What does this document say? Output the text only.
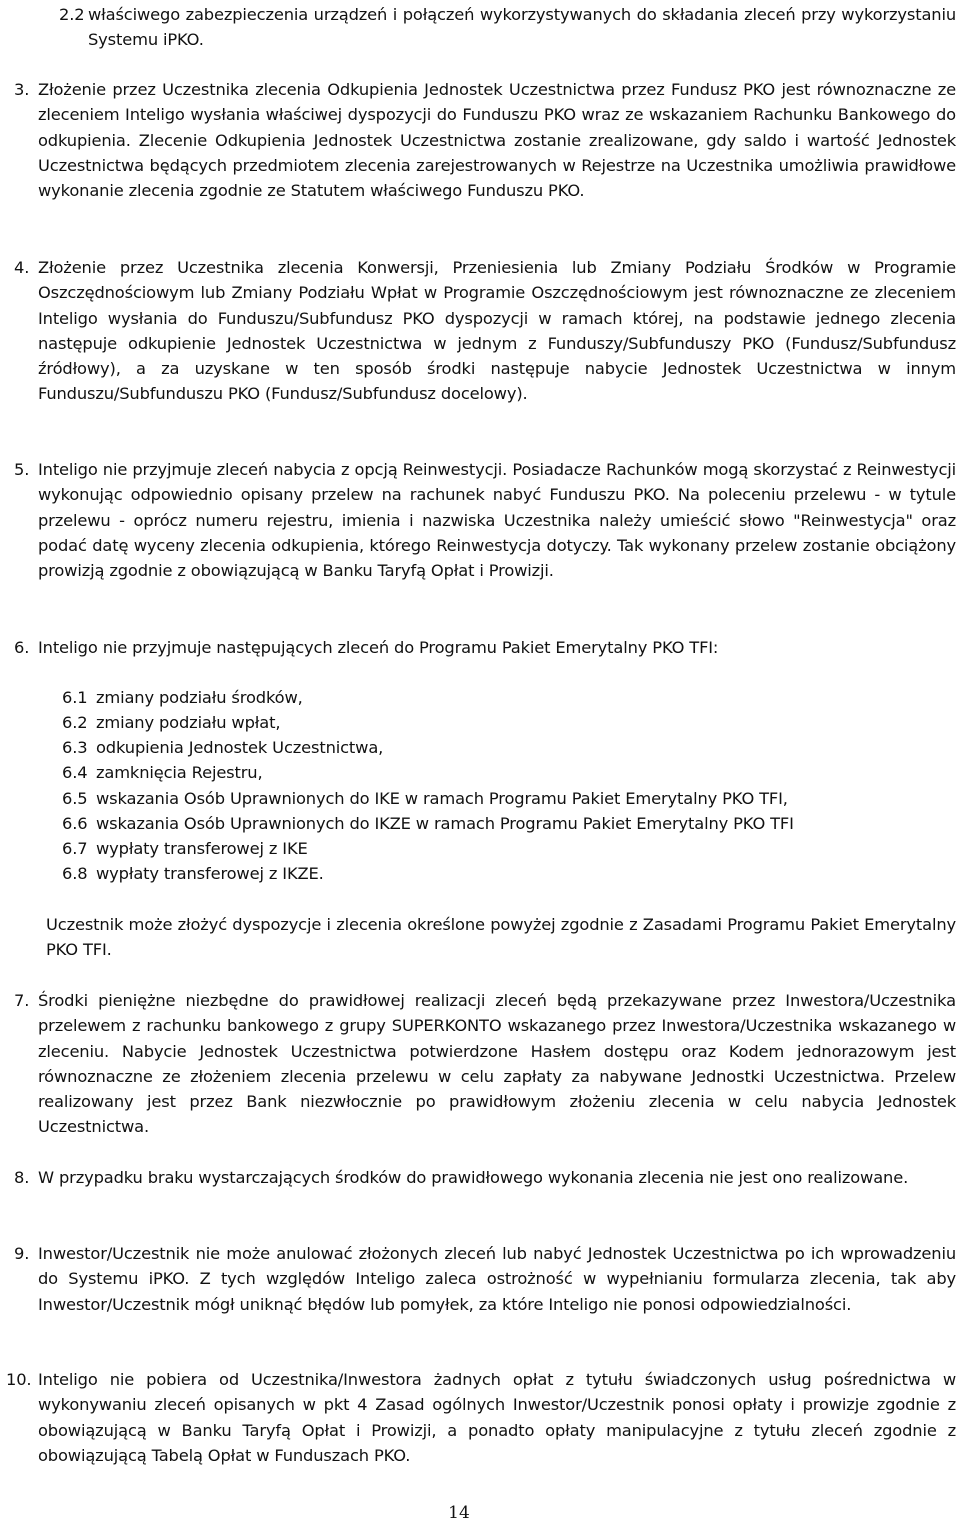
2.2 właściwego zabezpieczenia urządzeń i połączeń wykorzystywanych do składania zleceń przy wykorzystaniu Systemu iPKO.
3. Złożenie przez Uczestnika zlecenia Odkupienia Jednostek Uczestnictwa przez Fundusz PKO jest równoznaczne ze zleceniem Inteligo wysłania właściwej dyspozycji do Funduszu PKO wraz ze wskazaniem Rachunku Bankowego do odkupienia. Zlecenie Odkupienia Jednostek Uczestnictwa zostanie zrealizowane, gdy saldo i wartość Jednostek Uczestnictwa będących przedmiotem zlecenia zarejestrowanych w Rejestrze na Uczestnika umożliwia prawidłowe wykonanie zlecenia zgodnie ze Statutem właściwego Funduszu PKO.
4. Złożenie przez Uczestnika zlecenia Konwersji, Przeniesienia lub Zmiany Podziału Środków w Programie Oszczędnościowym lub Zmiany Podziału Wpłat w Programie Oszczędnościowym jest równoznaczne ze zleceniem Inteligo wysłania do Funduszu/Subfundusz PKO dyspozycji w ramach której, na podstawie jednego zlecenia następuje odkupienie Jednostek Uczestnictwa w jednym z Funduszy/Subfunduszy PKO (Fundusz/Subfundusz źródłowy), a za uzyskane w ten sposób środki następuje nabycie Jednostek Uczestnictwa w innym Funduszu/Subfunduszu PKO (Fundusz/Subfundusz docelowy).
5. Inteligo nie przyjmuje zleceń nabycia z opcją Reinwestycji. Posiadacze Rachunków mogą skorzystać z Reinwestycji wykonując odpowiednio opisany przelew na rachunek nabyć Funduszu PKO. Na poleceniu przelewu - w tytule przelewu - oprócz numeru rejestru, imienia i nazwiska Uczestnika należy umieścić słowo "Reinwestycja" oraz podać datę wyceny zlecenia odkupienia, którego Reinwestycja dotyczy. Tak wykonany przelew zostanie obciążony prowizją zgodnie z obowiązującą w Banku Taryfą Opłat i Prowizji.
6. Inteligo nie przyjmuje następujących zleceń do Programu Pakiet Emerytalny PKO TFI:
6.1 zmiany podziału środków,
6.2 zmiany podziału wpłat,
6.3 odkupienia Jednostek Uczestnictwa,
6.4 zamknięcia Rejestru,
6.5 wskazania Osób Uprawnionych do IKE w ramach Programu Pakiet Emerytalny PKO TFI,
6.6 wskazania Osób Uprawnionych do IKZE w ramach Programu Pakiet Emerytalny PKO TFI
6.7 wypłaty transferowej z IKE
6.8 wypłaty transferowej z IKZE.
Uczestnik może złożyć dyspozycje i zlecenia określone powyżej zgodnie z Zasadami Programu Pakiet Emerytalny PKO TFI.
7. Środki pieniężne niezbędne do prawidłowej realizacji zleceń będą przekazywane przez Inwestora/Uczestnika przelewem z rachunku bankowego z grupy SUPERKONTO wskazanego przez Inwestora/Uczestnika wskazanego w zleceniu. Nabycie Jednostek Uczestnictwa potwierdzone Hasłem dostępu oraz Kodem jednorazowym jest równoznaczne ze złożeniem zlecenia przelewu w celu zapłaty za nabywane Jednostki Uczestnictwa. Przelew realizowany jest przez Bank niezwłocznie po prawidłowym złożeniu zlecenia w celu nabycia Jednostek Uczestnictwa.
8. W przypadku braku wystarczających środków do prawidłowego wykonania zlecenia nie jest ono realizowane.
9. Inwestor/Uczestnik nie może anulować złożonych zleceń lub nabyć Jednostek Uczestnictwa po ich wprowadzeniu do Systemu iPKO. Z tych względów Inteligo zaleca ostrożność w wypełnianiu formularza zlecenia, tak aby Inwestor/Uczestnik mógł uniknąć błędów lub pomyłek, za które Inteligo nie ponosi odpowiedzialności.
10. Inteligo nie pobiera od Uczestnika/Inwestora żadnych opłat z tytułu świadczonych usług pośrednictwa w wykonywaniu zleceń opisanych w pkt 4 Zasad ogólnych Inwestor/Uczestnik ponosi opłaty i prowizje zgodnie z obowiązującą w Banku Taryfą Opłat i Prowizji, a ponadto opłaty manipulacyjne z tytułu zleceń zgodnie z obowiązującą Tabelą Opłat w Funduszach PKO.
14
